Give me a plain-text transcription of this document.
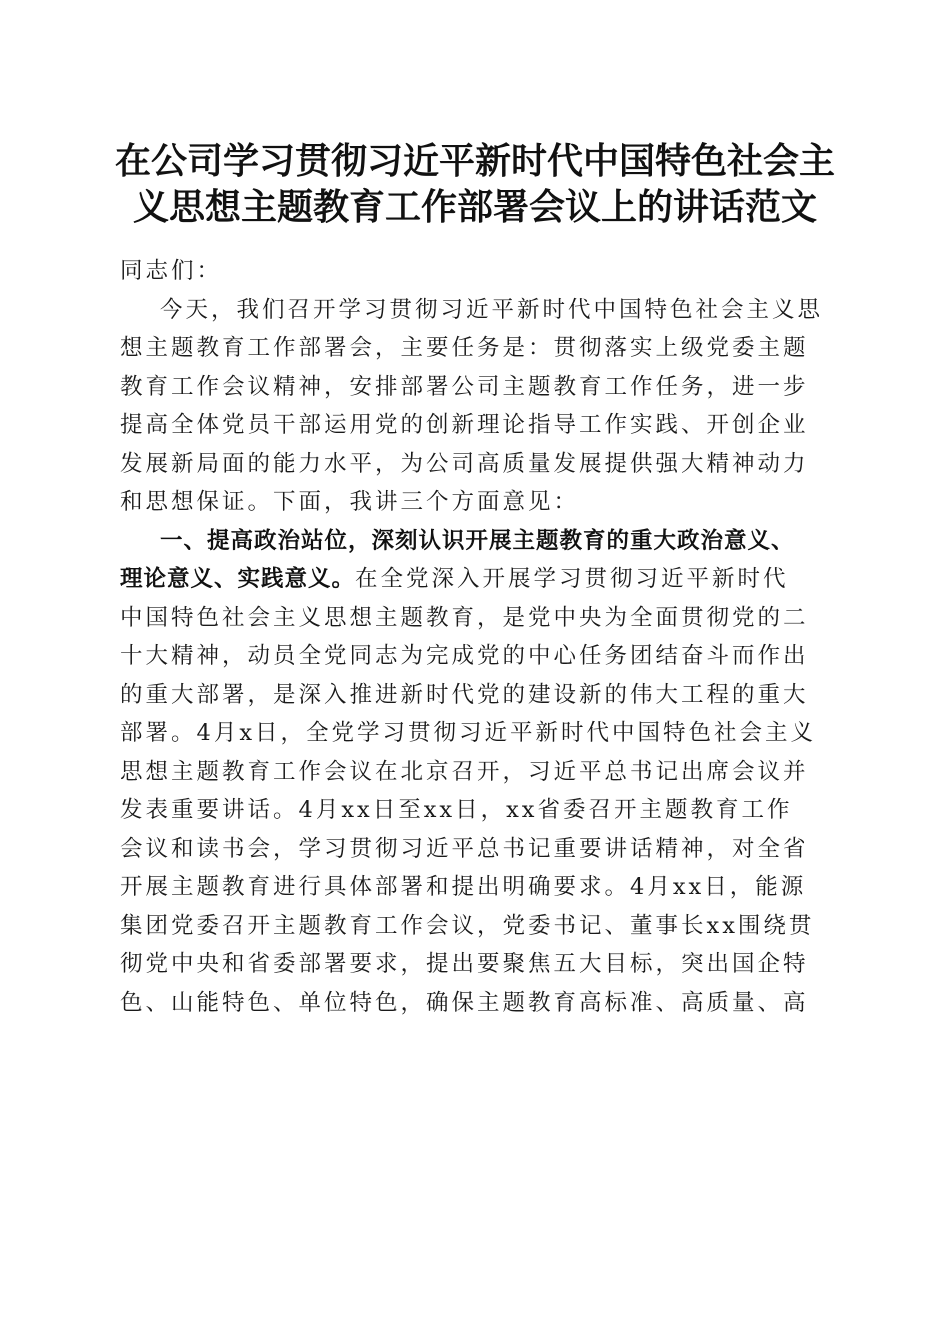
在公司学习贯彻习近平新时代中国特色社会主
义思想主题教育工作部署会议上的讲话范文
同志们：
今天，我们召开学习贯彻习近平新时代中国特色社会主义思
想主题教育工作部署会，主要任务是：贯彻落实上级党委主题
教育工作会议精神，安排部署公司主题教育工作任务，进一步
提高全体党员干部运用党的创新理论指导工作实践、开创企业
发展新局面的能力水平，为公司高质量发展提供强大精神动力
和思想保证。下面，我讲三个方面意见：
一、提高政治站位，深刻认识开展主题教育的重大政治意义、
理论意义、实践意义。在全党深入开展学习贯彻习近平新时代
中国特色社会主义思想主题教育，是党中央为全面贯彻党的二
十大精神，动员全党同志为完成党的中心任务团结奋斗而作出
的重大部署，是深入推进新时代党的建设新的伟大工程的重大
部署。4月x日，全党学习贯彻习近平新时代中国特色社会主义
思想主题教育工作会议在北京召开，习近平总书记出席会议并
发表重要讲话。4月xx日至xx日，xx省委召开主题教育工作
会议和读书会，学习贯彻习近平总书记重要讲话精神，对全省
开展主题教育进行具体部署和提出明确要求。4月xx日，能源
集团党委召开主题教育工作会议，党委书记、董事长xx围绕贯
彻党中央和省委部署要求，提出要聚焦五大目标，突出国企特
色、山能特色、单位特色，确保主题教育高标准、高质量、高
